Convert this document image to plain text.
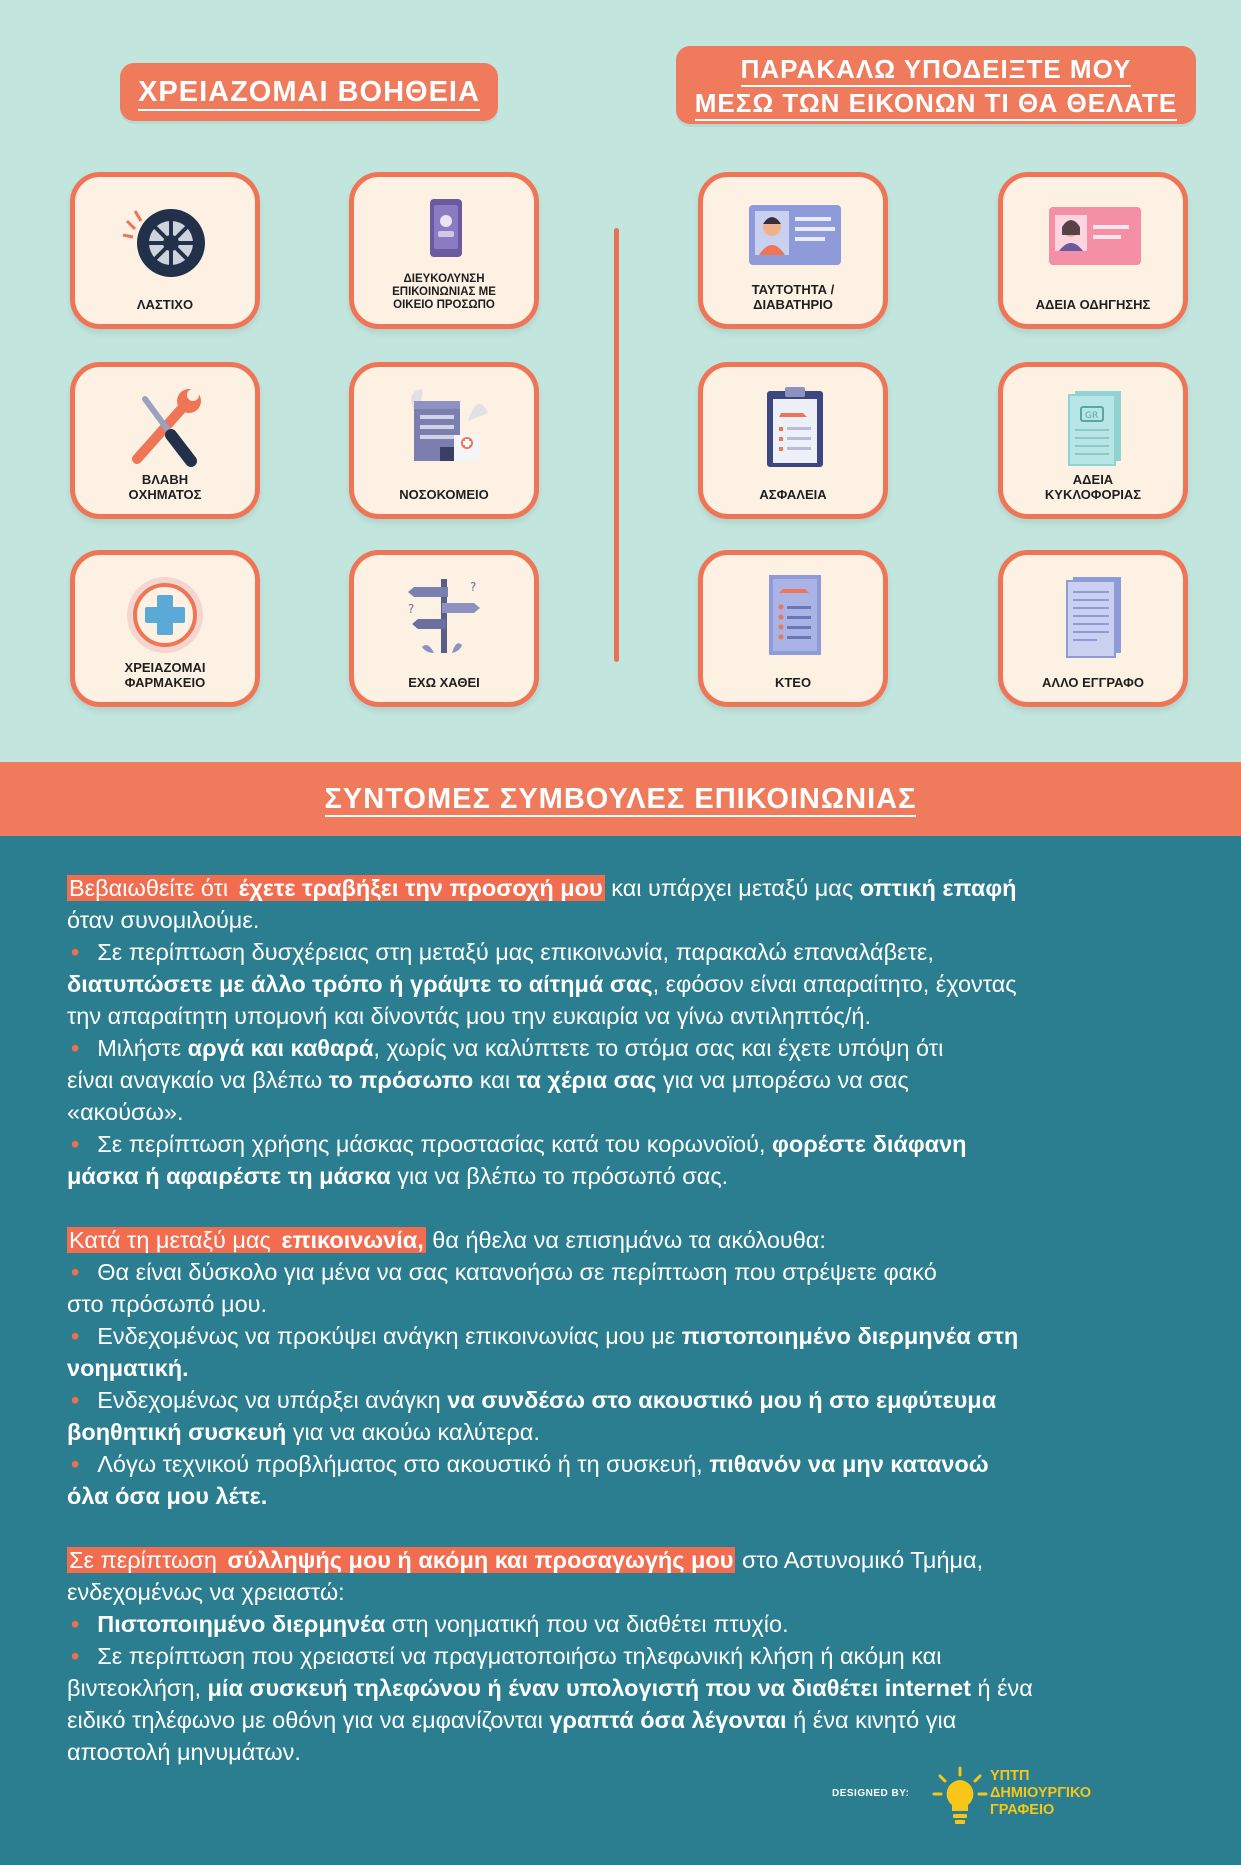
ΧΡΕΙΑΖΟΜΑΙ ΒΟΗΘΕΙΑ
ΠΑΡΑΚΑΛΩ ΥΠΟΔΕΙΞΤΕ ΜΟΥ
ΜΕΣΩ ΤΩΝ ΕΙΚΟΝΩΝ ΤΙ ΘΑ ΘΕΛΑΤΕ
ΛΑΣΤΙΧΟ
ΔΙΕΥΚΟΛΥΝΣΗ
ΕΠΙΚΟΙΝΩΝΙΑΣ ΜΕ
ΟΙΚΕΙΟ ΠΡΟΣΩΠΟ
ΒΛΑΒΗ
ΟΧΗΜΑΤΟΣ	ΝΟΣΟΚΟΜΕΙΟ
ΧΡΕΙΑΖΟΜΑΙ
ΦΑΡΜΑΚΕΙΟ
?
?
ΕΧΩ ΧΑΘΕΙ
ΤΑΥΤΟΤΗΤΑ /
ΔΙΑΒΑΤΗΡΙΟ	ΑΔΕΙΑ ΟΔΗΓΗΣΗΣ
ΑΣΦΑΛΕΙΑ
GR
ΑΔΕΙΑ
ΚΥΚΛΟΦΟΡΙΑΣ
ΚΤΕΟ	ΑΛΛΟ ΕΓΓΡΑΦΟ
ΣΥΝΤΟΜΕΣ ΣΥΜΒΟΥΛΕΣ ΕΠΙΚΟΙΝΩΝΙΑΣ
Βεβαιωθείτε ότι έχετε τραβήξει την προσοχή μου και υπάρχει μεταξύ μας οπτική επαφή
όταν συνομιλούμε.
• Σε περίπτωση δυσχέρειας στη μεταξύ μας επικοινωνία, παρακαλώ επαναλάβετε,
διατυπώσετε με άλλο τρόπο ή γράψτε το αίτημά σας, εφόσον είναι απαραίτητο, έχοντας
την απαραίτητη υπομονή και δίνοντάς μου την ευκαιρία να γίνω αντιληπτός/ή.
• Μιλήστε αργά και καθαρά, χωρίς να καλύπτετε το στόμα σας και έχετε υπόψη ότι
είναι αναγκαίο να βλέπω το πρόσωπο και τα χέρια σας για να μπορέσω να σας
«ακούσω».
• Σε περίπτωση χρήσης μάσκας προστασίας κατά του κορωνοϊού, φορέστε διάφανη
μάσκα ή αφαιρέστε τη μάσκα για να βλέπω το πρόσωπό σας.
Κατά τη μεταξύ μας επικοινωνία, θα ήθελα να επισημάνω τα ακόλουθα:
• Θα είναι δύσκολο για μένα να σας κατανοήσω σε περίπτωση που στρέψετε φακό
στο πρόσωπό μου.
• Ενδεχομένως να προκύψει ανάγκη επικοινωνίας μου με πιστοποιημένο διερμηνέα στη
νοηματική.
• Ενδεχομένως να υπάρξει ανάγκη να συνδέσω στο ακουστικό μου ή στο εμφύτευμα
βοηθητική συσκευή για να ακούω καλύτερα.
• Λόγω τεχνικού προβλήματος στο ακουστικό ή τη συσκευή, πιθανόν να μην κατανοώ
όλα όσα μου λέτε.
Σε περίπτωση σύλληψής μου ή ακόμη και προσαγωγής μου στο Αστυνομικό Τμήμα,
ενδεχομένως να χρειαστώ:
• Πιστοποιημένο διερμηνέα στη νοηματική που να διαθέτει πτυχίο.
• Σε περίπτωση που χρειαστεί να πραγματοποιήσω τηλεφωνική κλήση ή ακόμη και
βιντεοκλήση, μία συσκευή τηλεφώνου ή έναν υπολογιστή που να διαθέτει internet ή ένα
ειδικό τηλέφωνο με οθόνη για να εμφανίζονται γραπτά όσα λέγονται ή ένα κινητό για
αποστολή μηνυμάτων.
DESIGNED BY:
ΥΠΤΠ
ΔΗΜΙΟΥΡΓΙΚΟ
ΓΡΑΦΕΙΟ
